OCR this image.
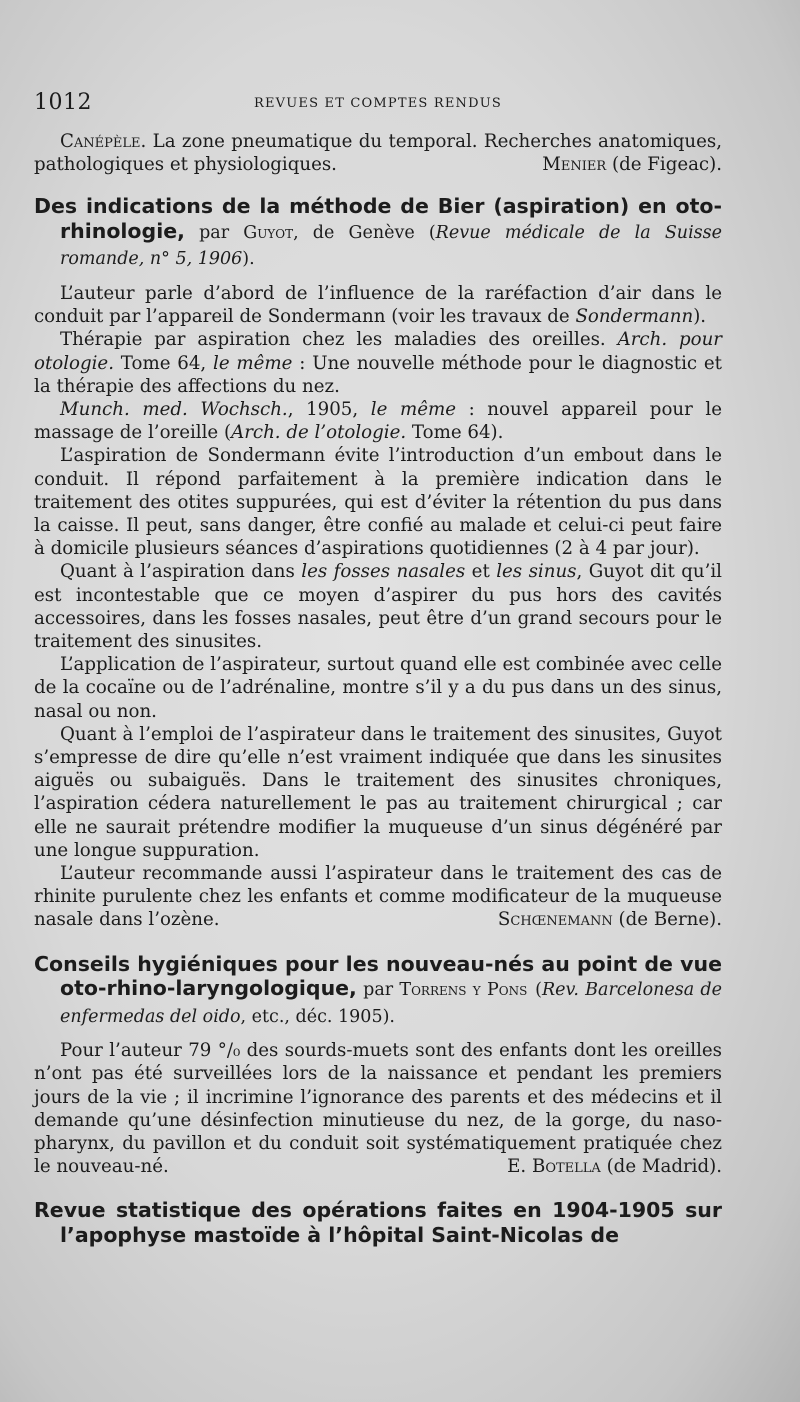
1012	REVUES ET COMPTES RENDUS

Canépèle. La zone pneumatique du temporal. Recherches anatomiques, pathologiques et physiologiques.	Menier (de Figeac).

Des indications de la méthode de Bier (aspiration) en oto-rhinologie, par Guyot, de Genève (Revue médicale de la Suisse romande, n° 5, 1906).

L’auteur parle d’abord de l’influence de la raréfaction d’air dans le conduit par l’appareil de Sondermann (voir les travaux de Sondermann).

Thérapie par aspiration chez les maladies des oreilles. Arch. pour otologie. Tome 64, le même : Une nouvelle méthode pour le diagnostic et la thérapie des affections du nez.

Munch. med. Wochsch., 1905, le même : nouvel appareil pour le massage de l’oreille (Arch. de l’otologie. Tome 64).

L’aspiration de Sondermann évite l’introduction d’un embout dans le conduit. Il répond parfaitement à la première indication dans le traitement des otites suppurées, qui est d’éviter la rétention du pus dans la caisse. Il peut, sans danger, être confié au malade et celui-ci peut faire à domicile plusieurs séances d’aspirations quotidiennes (2 à 4 par jour).

Quant à l’aspiration dans les fosses nasales et les sinus, Guyot dit qu’il est incontestable que ce moyen d’aspirer du pus hors des cavités accessoires, dans les fosses nasales, peut être d’un grand secours pour le traitement des sinusites.

L’application de l’aspirateur, surtout quand elle est combinée avec celle de la cocaïne ou de l’adrénaline, montre s’il y a du pus dans un des sinus, nasal ou non.

Quant à l’emploi de l’aspirateur dans le traitement des sinusites, Guyot s’empresse de dire qu’elle n’est vraiment indiquée que dans les sinusites aiguës ou subaiguës. Dans le traitement des sinusites chroniques, l’aspiration cédera naturellement le pas au traitement chirurgical ; car elle ne saurait prétendre modifier la muqueuse d’un sinus dégénéré par une longue suppuration.

L’auteur recommande aussi l’aspirateur dans le traitement des cas de rhinite purulente chez les enfants et comme modificateur de la muqueuse nasale dans l’ozène.	Schœnemann (de Berne).

Conseils hygiéniques pour les nouveau-nés au point de vue oto-rhino-laryngologique, par Torrens y Pons (Rev. Barcelonesa de enfermedas del oido, etc., déc. 1905).

Pour l’auteur 79 °/₀ des sourds-muets sont des enfants dont les oreilles n’ont pas été surveillées lors de la naissance et pendant les premiers jours de la vie ; il incrimine l’ignorance des parents et des médecins et il demande qu’une désinfection minutieuse du nez, de la gorge, du naso-pharynx, du pavillon et du conduit soit systématiquement pratiquée chez le nouveau-né.	E. Botella (de Madrid).

Revue statistique des opérations faites en 1904-1905 sur l’apophyse mastoïde à l’hôpital Saint-Nicolas de
